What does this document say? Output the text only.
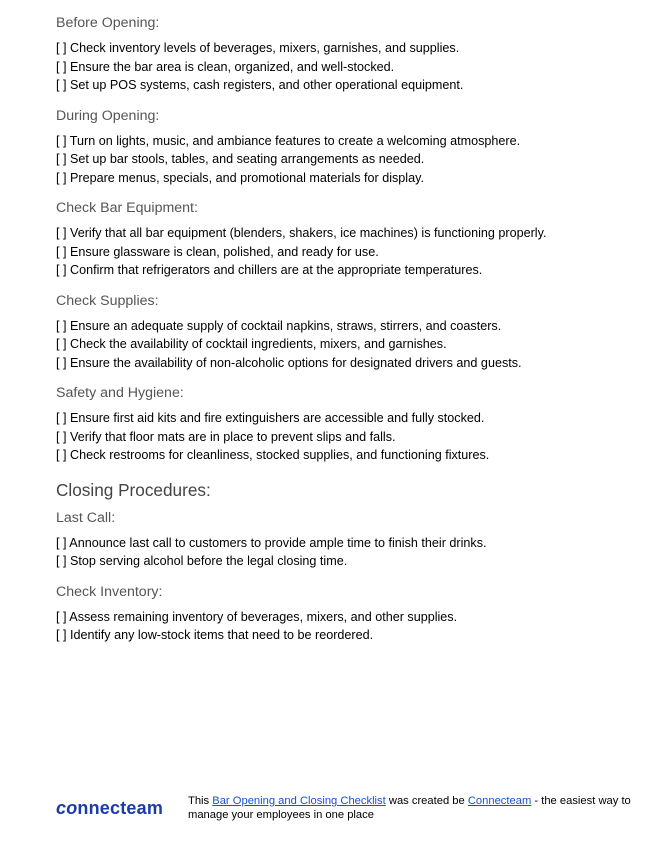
Before Opening:

[ ] Check inventory levels of beverages, mixers, garnishes, and supplies.

[ ] Ensure the bar area is clean, organized, and well-stocked.

[ ] Set up POS systems, cash registers, and other operational equipment.

During Opening:

[ ] Turn on lights, music, and ambiance features to create a welcoming atmosphere.

[ ] Set up bar stools, tables, and seating arrangements as needed.

[ ] Prepare menus, specials, and promotional materials for display.

Check Bar Equipment:

[ ] Verify that all bar equipment (blenders, shakers, ice machines) is functioning properly.

[ ] Ensure glassware is clean, polished, and ready for use.

[ ] Confirm that refrigerators and chillers are at the appropriate temperatures.

Check Supplies:

[ ] Ensure an adequate supply of cocktail napkins, straws, stirrers, and coasters.

[ ] Check the availability of cocktail ingredients, mixers, and garnishes.

[ ] Ensure the availability of non-alcoholic options for designated drivers and guests.

Safety and Hygiene:

[ ] Ensure first aid kits and fire extinguishers are accessible and fully stocked.

[ ] Verify that floor mats are in place to prevent slips and falls.

[ ] Check restrooms for cleanliness, stocked supplies, and functioning fixtures.

Closing Procedures:

Last Call:

[ ] Announce last call to customers to provide ample time to finish their drinks.

[ ] Stop serving alcohol before the legal closing time.

Check Inventory:

[ ] Assess remaining inventory of beverages, mixers, and other supplies.

[ ] Identify any low-stock items that need to be reordered.

connecteam This Bar Opening and Closing Checklist was created be Connecteam - the easiest way to manage your employees in one place
